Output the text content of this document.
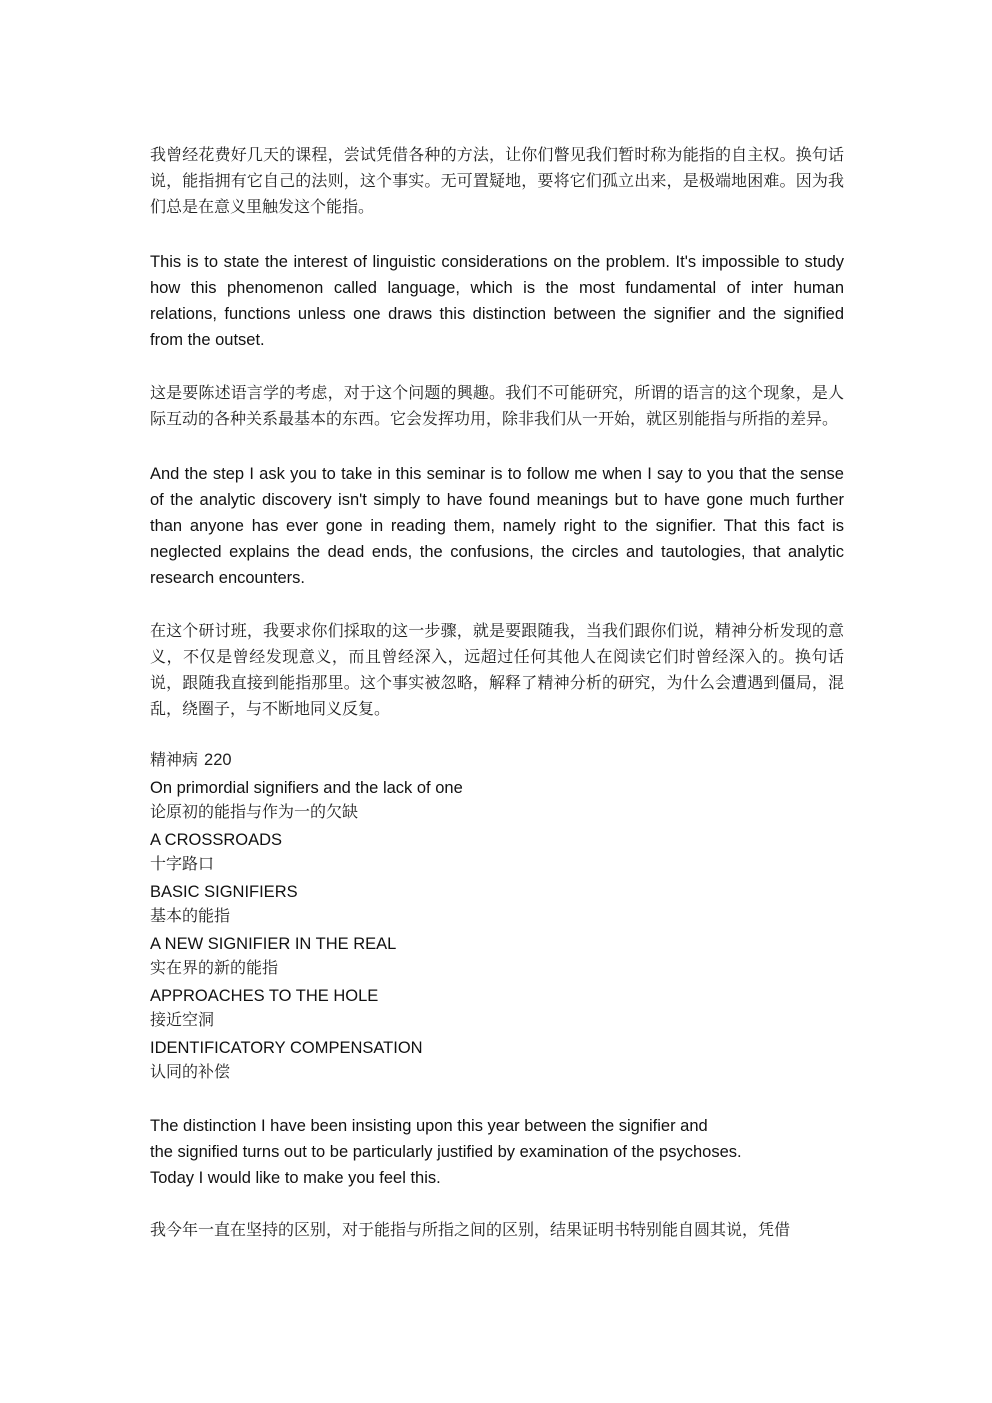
我曾经花费好几天的课程，尝试凭借各种的方法，让你们瞥见我们暂时称为能指的自主权。换句话说，能指拥有它自己的法则，这个事实。无可置疑地，要将它们孤立出来，是极端地困难。因为我们总是在意义里触发这个能指。

This is to state the interest of linguistic considerations on the problem. It's impossible to study how this phenomenon called language, which is the most fundamental of inter human relations, functions unless one draws this distinction between the signifier and the signified from the outset.

这是要陈述语言学的考虑，对于这个问题的興趣。我们不可能研究，所谓的语言的这个现象，是人际互动的各种关系最基本的东西。它会发挥功用，除非我们从一开始，就区别能指与所指的差异。

And the step I ask you to take in this seminar is to follow me when I say to you that the sense of the analytic discovery isn't simply to have found meanings but to have gone much further than anyone has ever gone in reading them, namely right to the signifier. That this fact is neglected explains the dead ends, the confusions, the circles and tautologies, that analytic research encounters.

在这个研讨班，我要求你们採取的这一步骤，就是要跟随我，当我们跟你们说，精神分析发现的意义，不仅是曾经发现意义，而且曾经深入，远超过任何其他人在阅读它们时曾经深入的。换句话说，跟随我直接到能指那里。这个事实被忽略，解释了精神分析的研究，为什么会遭遇到僵局，混乱，绕圈子，与不断地同义反复。

精神病 220

On primordial signifiers and the lack of one

论原初的能指与作为一的欠缺

A CROSSROADS

十字路口

BASIC SIGNIFIERS

基本的能指

A NEW SIGNIFIER IN THE REAL

实在界的新的能指

APPROACHES TO THE HOLE

接近空洞

IDENTIFICATORY COMPENSATION

认同的补偿

The distinction I have been insisting upon this year between the signifier and
the signified turns out to be particularly justified by examination of the psychoses.
Today I would like to make you feel this.

我今年一直在坚持的区别，对于能指与所指之间的区别，结果证明书特别能自圆其说，凭借
